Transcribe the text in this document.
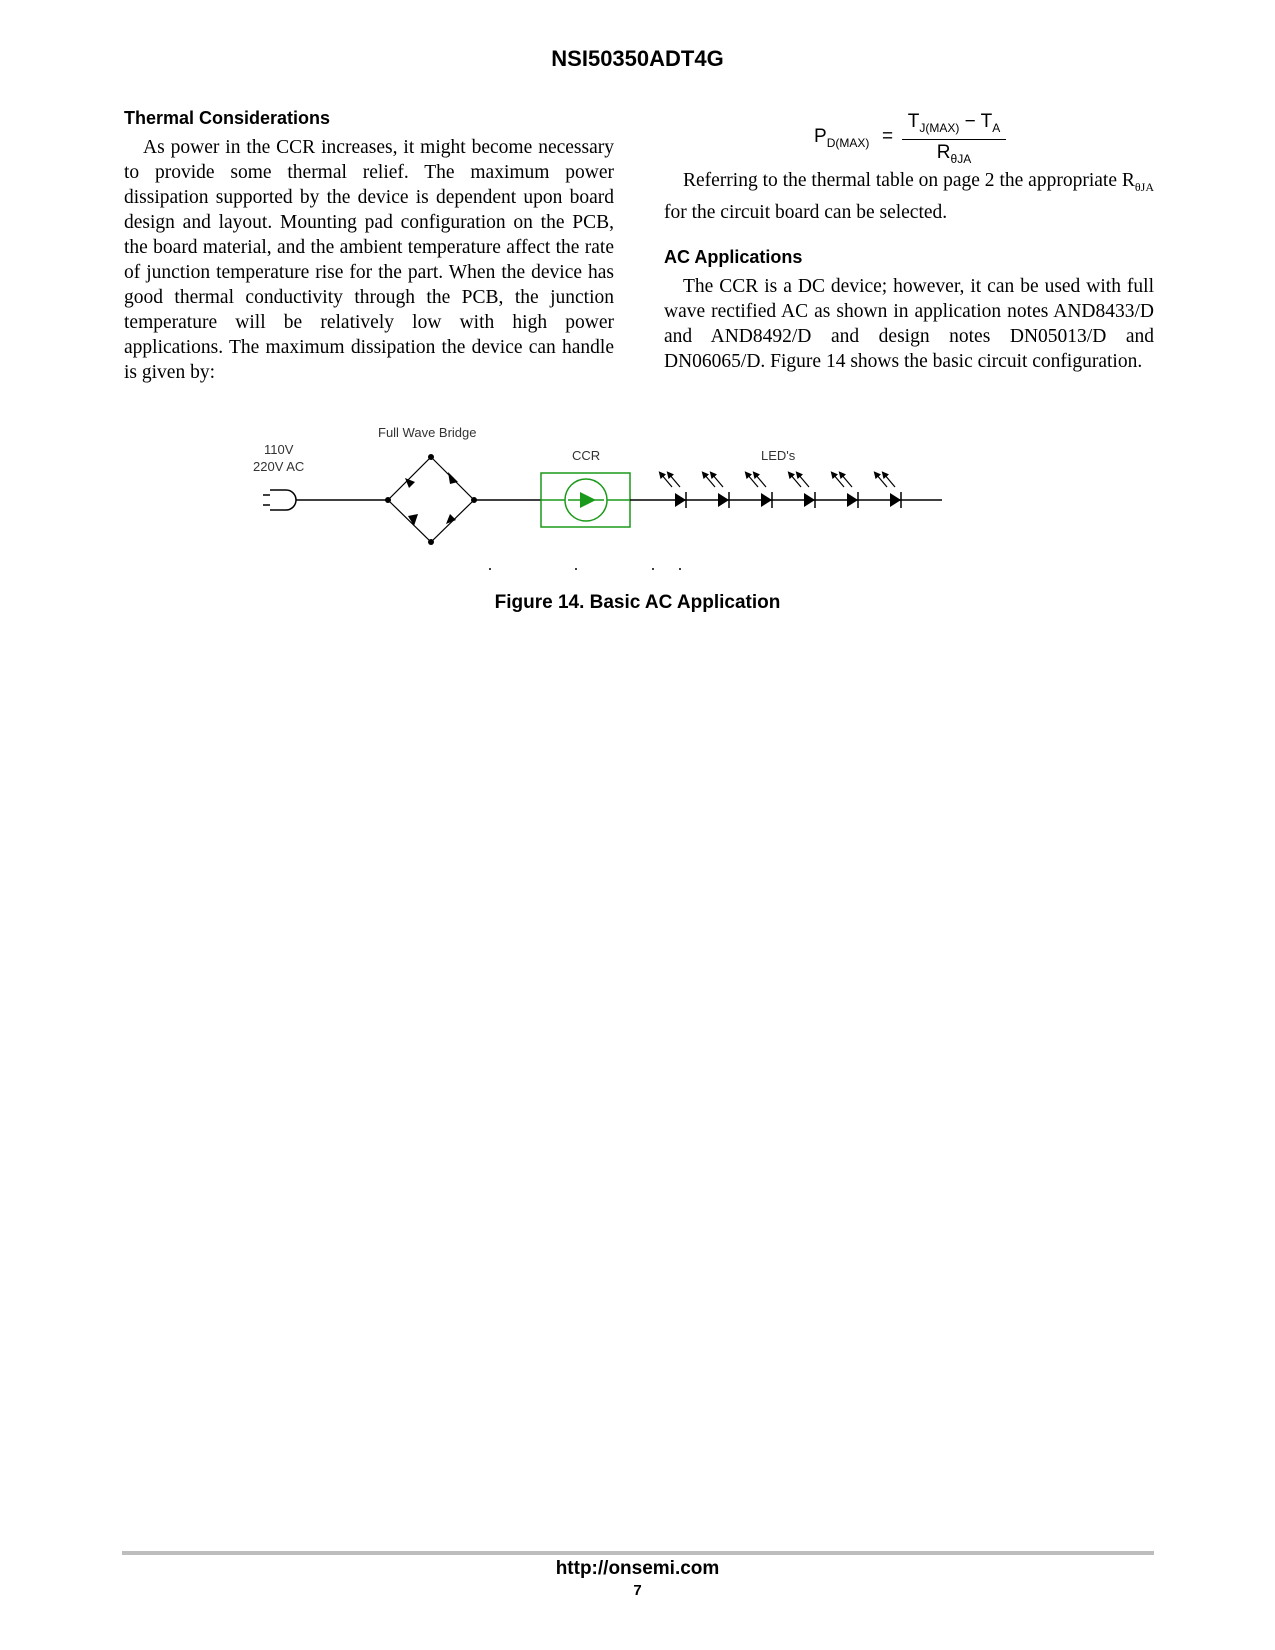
NSI50350ADT4G
Thermal Considerations

As power in the CCR increases, it might become necessary to provide some thermal relief. The maximum power dissipation supported by the device is dependent upon board design and layout. Mounting pad configuration on the PCB, the board material, and the ambient temperature affect the rate of junction temperature rise for the part. When the device has good thermal conductivity through the PCB, the junction temperature will be relatively low with high power applications. The maximum dissipation the device can handle is given by:

$P_{D(MAX)}$ =
$T_{J(MAX)} - T_A$
$R_{\theta JA}$

Referring to the thermal table on page 2 the appropriate $R_{\theta JA}$ for the circuit board can be selected.

AC Applications

The CCR is a DC device; however, it can be used with full wave rectified AC as shown in application notes AND8433/D and AND8492/D and design notes DN05013/D and DN06065/D. Figure 14 shows the basic circuit configuration.

110V
220V AC
Full Wave Bridge
CCR	LED's
Figure 14. Basic AC Application
http://onsemi.com
7
